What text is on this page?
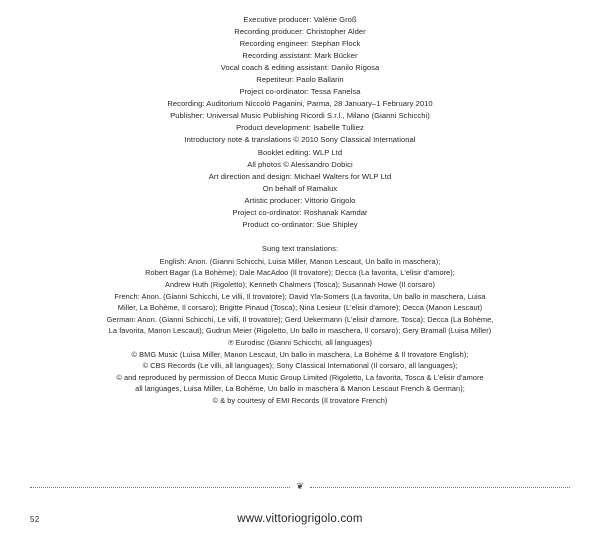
Executive producer: Valérie Groß
Recording producer: Christopher Alder
Recording engineer: Stephan Flock
Recording assistant: Mark Bücker
Vocal coach & editing assistant: Danilo Rigosa
Repetiteur: Paolo Ballarin
Project co-ordinator: Tessa Fanelsa
Recording: Auditorium Niccolò Paganini, Parma, 28 January–1 February 2010
Publisher: Universal Music Publishing Ricordi S.r.l., Milano (Gianni Schicchi)
Product development: Isabelle Tulliez
Introductory note & translations © 2010 Sony Classical International
Booklet editing: WLP Ltd
All photos © Alessandro Dobici
Art direction and design: Michael Walters for WLP Ltd
On behalf of Ramalux
Artistic producer: Vittorio Grigolo
Project co-ordinator: Roshanak Kamdar
Product co-ordinator: Sue Shipley
Sung text translations:
English: Anon. (Gianni Schicchi, Luisa Miller, Manon Lescaut, Un ballo in maschera);
Robert Bagar (La Bohème); Dale MacAdoo (Il trovatore); Decca (La favorita, L'elisir d'amore);
Andrew Huth (Rigoletto); Kenneth Chalmers (Tosca); Susannah Howe (Il corsaro)
French: Anon. (Gianni Schicchi, Le villi, Il trovatore); David Yla-Somers (La favorita, Un ballo in maschera, Luisa
Miller, La Bohème, Il corsaro); Brigitte Pinaud (Tosca); Nina Lesieur (L'elisir d'amore); Decca (Manon Lescaut)
German: Anon. (Gianni Schicchi, Le villi, Il trovatore); Gerd Uekermann (L'elisir d'amore, Tosca); Decca (La Bohème,
La favorita, Manon Lescaut); Gudrun Meier (Rigoletto, Un ballo in maschera, Il corsaro); Gery Bramall (Luisa Miller)
℗ Eurodisc (Gianni Schicchi, all languages)
© BMG Music (Luisa Miller, Manon Lescaut, Un ballo in maschera, La Bohème & Il trovatore English);
© CBS Records (Le villi, all languages); Sony Classical International (Il corsaro, all languages);
© and reproduced by permission of Decca Music Group Limited (Rigoletto, La favorita, Tosca & L'elisir d'amore
all languages, Luisa Miller, La Bohème, Un ballo in maschera & Manon Lescaut French & German);
© & by courtesy of EMI Records (Il trovatore French)
❦
52	www.vittoriogrigolo.com
